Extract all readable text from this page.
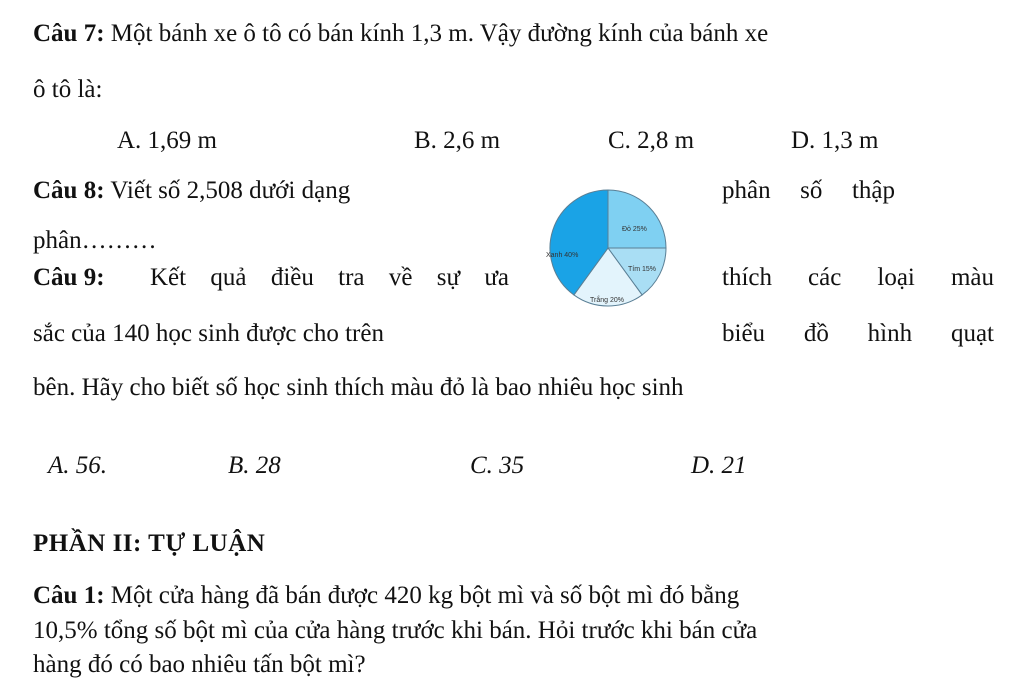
Câu 7: Một bánh xe ô tô có bán kính 1,3 m. Vậy đường kính của bánh xe
ô tô là:
A. 1,69 m	B. 2,6 m	C. 2,8 m	D. 1,3 m
Câu 8: Viết số 2,508 dưới dạng	phân số thập
phân………
Câu 9: Kết quả điều tra về sự ưa	thích các loại màu
sắc của 140 học sinh được cho trên	biểu đồ hình quạt
bên. Hãy cho biết số học sinh thích màu đỏ là bao nhiêu học sinh
A. 56.	B. 28	C. 35	D. 21
Đỏ 25%
Tím 15%
Trắng 20%
Xanh 40%
PHẦN II: TỰ LUẬN
Câu 1: Một cửa hàng đã bán được 420 kg bột mì và số bột mì đó bằng
10,5% tổng số bột mì của cửa hàng trước khi bán. Hỏi trước khi bán cửa
hàng đó có bao nhiêu tấn bột mì?
